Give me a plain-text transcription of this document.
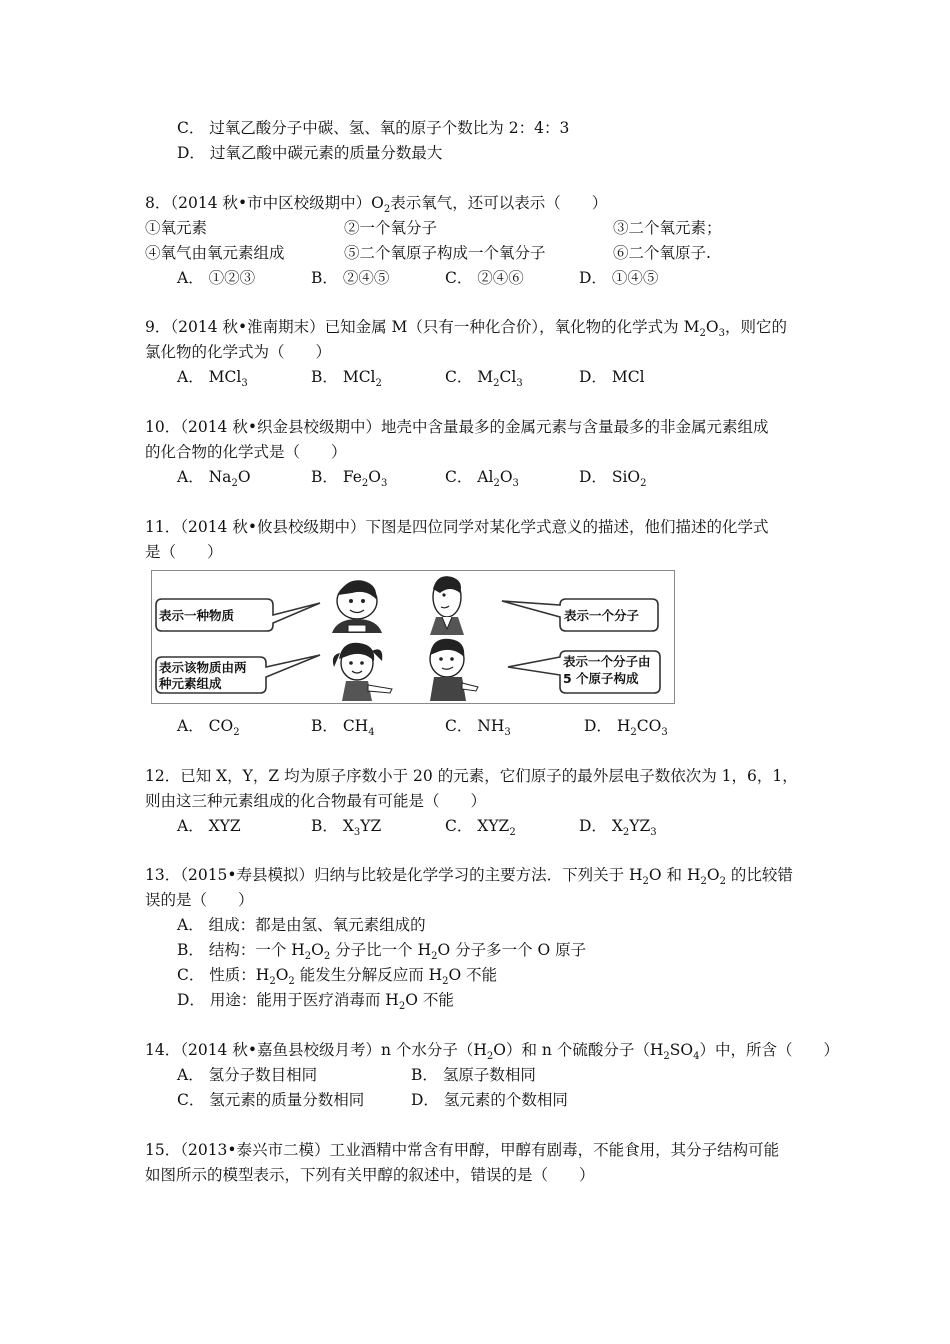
C． 过氧乙酸分子中碳、氢、氧的原子个数比为 2：4：3
D． 过氧乙酸中碳元素的质量分数最大
8．（2014 秋•市中区校级期中）$O_2$表示氧气，还可以表示（　　）
①氧元素	②一个氧分子	③二个氧元素；
④氧气由氧元素组成	⑤二个氧原子构成一个氧分子	⑥二个氧原子.
A． ①②③	B． ②④⑤	C． ②④⑥	D． ①④⑤
9．（2014 秋•淮南期末）已知金属 M（只有一种化合价），氧化物的化学式为 $M_2O_3$，则它的
氯化物的化学式为（　　）
A． MCl$_3$	B． MCl$_2$	C． $M_2Cl_3$	D． MCl
10．（2014 秋•织金县校级期中）地壳中含量最多的金属元素与含量最多的非金属元素组成
的化合物的化学式是（　　）
A． $Na_2O$	B． $Fe_2O_3$	C． $Al_2O_3$	D． SiO$_2$
11．（2014 秋•攸县校级期中）下图是四位同学对某化学式意义的描述，他们描述的化学式
是（　　）
表示一种物质	表示一个分子
表示该物质由两
种元素组成
表示一个分子由
5 个原子构成
A． $CO_2$	B． $CH_4$	C． $NH_3$	D． $H_2CO_3$
12．已知 X，Y，Z 均为原子序数小于 20 的元素，它们原子的最外层电子数依次为 1，6，1，
则由这三种元素组成的化合物最有可能是（　　）
A． XYZ	B． $X_3YZ$	C． $XYZ_2$	D． $X_2YZ_3$
13．（2015•寿县模拟）归纳与比较是化学学习的主要方法．下列关于 $H_2O$ 和 $H_2O_2$ 的比较错
误的是（　　）
A． 组成：都是由氢、氧元素组成的
B． 结构：一个 $H_2O_2$ 分子比一个 $H_2O$ 分子多一个 O 原子
C． 性质：$H_2O_2$ 能发生分解反应而 $H_2O$ 不能
D． 用途：能用于医疗消毒而 $H_2O$ 不能
14．（2014 秋•嘉鱼县校级月考）n 个水分子$(H_2O)$和 n 个硫酸分子$(H_2SO_4)$中，所含（　　）
A． 氢分子数目相同	B． 氢原子数相同
C． 氢元素的质量分数相同	D． 氢元素的个数相同
15．（2013•泰兴市二模）工业酒精中常含有甲醇，甲醇有剧毒，不能食用，其分子结构可能
如图所示的模型表示，下列有关甲醇的叙述中，错误的是（　　）
